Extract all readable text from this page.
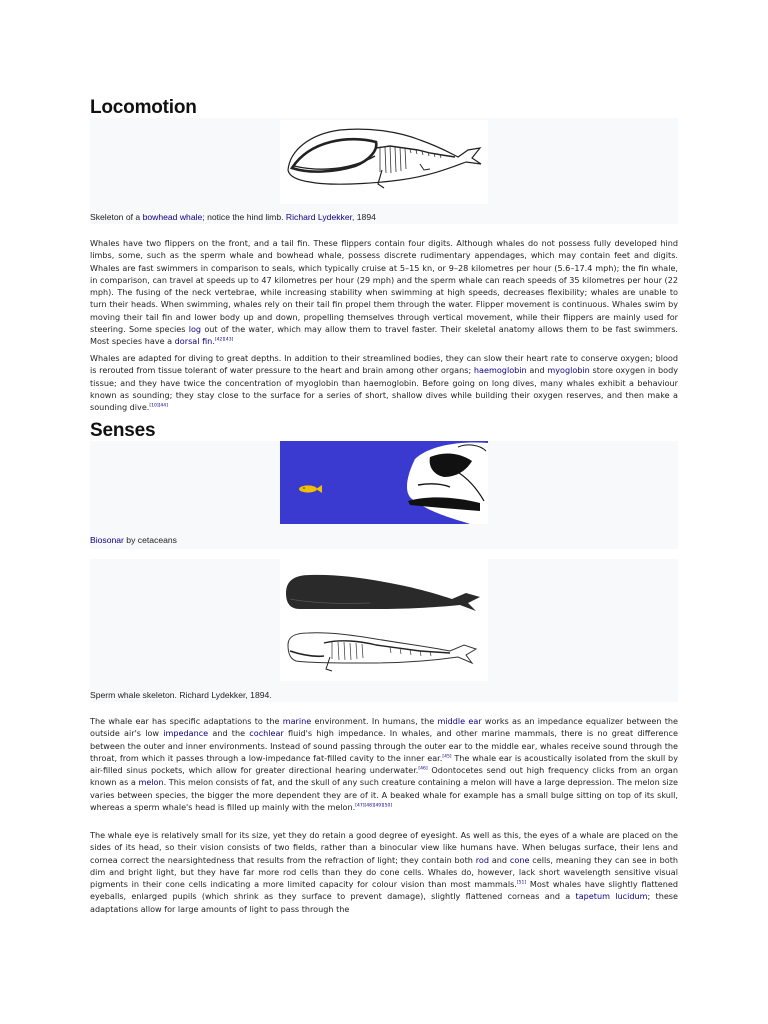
Locomotion
Skeleton of a bowhead whale; notice the hind limb. Richard Lydekker, 1894

Whales have two flippers on the front, and a tail fin. These flippers contain four digits. Although whales do not possess fully developed hind limbs, some, such as the sperm whale and bowhead whale, possess discrete rudimentary appendages, which may contain feet and digits. Whales are fast swimmers in comparison to seals, which typically cruise at 5–15 kn, or 9–28 kilometres per hour (5.6–17.4 mph); the fin whale, in comparison, can travel at speeds up to 47 kilometres per hour (29 mph) and the sperm whale can reach speeds of 35 kilometres per hour (22 mph). The fusing of the neck vertebrae, while increasing stability when swimming at high speeds, decreases flexibility; whales are unable to turn their heads. When swimming, whales rely on their tail fin propel them through the water. Flipper movement is continuous. Whales swim by moving their tail fin and lower body up and down, propelling themselves through vertical movement, while their flippers are mainly used for steering. Some species log out of the water, which may allow them to travel faster. Their skeletal anatomy allows them to be fast swimmers. Most species have a dorsal fin.[42][43]

Whales are adapted for diving to great depths. In addition to their streamlined bodies, they can slow their heart rate to conserve oxygen; blood is rerouted from tissue tolerant of water pressure to the heart and brain among other organs; haemoglobin and myoglobin store oxygen in body tissue; and they have twice the concentration of myoglobin than haemoglobin. Before going on long dives, many whales exhibit a behaviour known as sounding; they stay close to the surface for a series of short, shallow dives while building their oxygen reserves, and then make a sounding dive.[10][44]

Senses
Biosonar by cetaceans
Sperm whale skeleton. Richard Lydekker, 1894.

The whale ear has specific adaptations to the marine environment. In humans, the middle ear works as an impedance equalizer between the outside air's low impedance and the cochlear fluid's high impedance. In whales, and other marine mammals, there is no great difference between the outer and inner environments. Instead of sound passing through the outer ear to the middle ear, whales receive sound through the throat, from which it passes through a low-impedance fat-filled cavity to the inner ear.[45] The whale ear is acoustically isolated from the skull by air-filled sinus pockets, which allow for greater directional hearing underwater.[46] Odontocetes send out high frequency clicks from an organ known as a melon. This melon consists of fat, and the skull of any such creature containing a melon will have a large depression. The melon size varies between species, the bigger the more dependent they are of it. A beaked whale for example has a small bulge sitting on top of its skull, whereas a sperm whale's head is filled up mainly with the melon.[47][48][49][50]

The whale eye is relatively small for its size, yet they do retain a good degree of eyesight. As well as this, the eyes of a whale are placed on the sides of its head, so their vision consists of two fields, rather than a binocular view like humans have. When belugas surface, their lens and cornea correct the nearsightedness that results from the refraction of light; they contain both rod and cone cells, meaning they can see in both dim and bright light, but they have far more rod cells than they do cone cells. Whales do, however, lack short wavelength sensitive visual pigments in their cone cells indicating a more limited capacity for colour vision than most mammals.[51] Most whales have slightly flattened eyeballs, enlarged pupils (which shrink as they surface to prevent damage), slightly flattened corneas and a tapetum lucidum; these adaptations allow for large amounts of light to pass through the
